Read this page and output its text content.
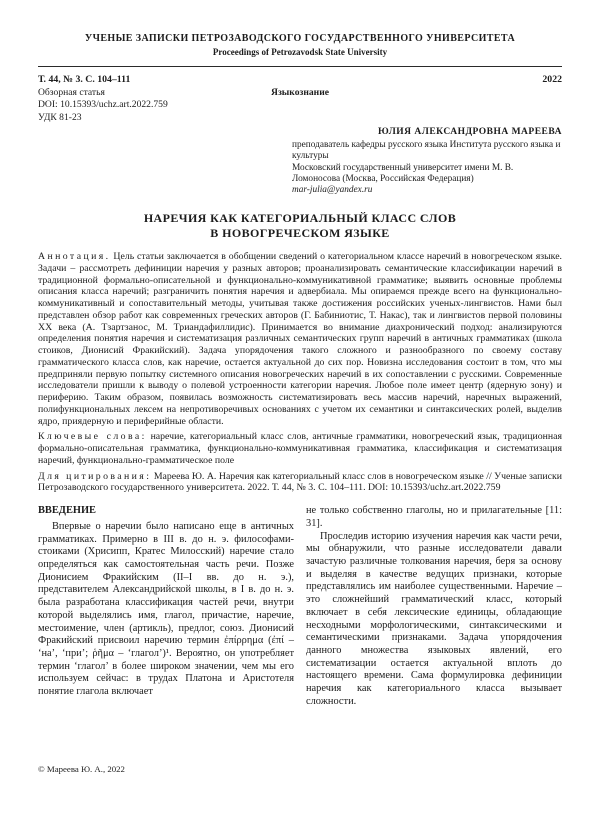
УЧЕНЫЕ ЗАПИСКИ ПЕТРОЗАВОДСКОГО ГОСУДАРСТВЕННОГО УНИВЕРСИТЕТА
Proceedings of Petrozavodsk State University
Т. 44, № 3. С. 104–111	2022
Обзорная статья	Языкознание
DOI: 10.15393/uchz.art.2022.759
УДК 81-23
ЮЛИЯ АЛЕКСАНДРОВНА МАРЕЕВА
преподаватель кафедры русского языка Института русского языка и культуры
Московский государственный университет имени М. В. Ломоносова (Москва, Российская Федерация)
mar-julia@yandex.ru
НАРЕЧИЯ КАК КАТЕГОРИАЛЬНЫЙ КЛАСС СЛОВ
В НОВОГРЕЧЕСКОМ ЯЗЫКЕ

Аннотация. Цель статьи заключается в обобщении сведений о категориальном классе наречий в новогреческом языке. Задачи – рассмотреть дефиниции наречия у разных авторов; проанализировать семантические классификации наречий в традиционной формально-описательной и функционально-коммуникативной грамматике; выявить основные проблемы описания класса наречий; разграничить понятия наречия и адвербиала. Мы опираемся прежде всего на функционально-коммуникативный и сопоставительный методы, учитывая также достижения российских ученых-лингвистов. Нами был представлен обзор работ как современных греческих авторов (Г. Бабиниотис, Т. Накас), так и лингвистов первой половины XX века (А. Тзартзанос, М. Триандафиллидис). Принимается во внимание диахронический подход: анализируются определения понятия наречия и систематизация различных семантических групп наречий в античных грамматиках (школа стоиков, Дионисий Фракийский). Задача упорядочения такого сложного и разнообразного по своему составу грамматического класса слов, как наречие, остается актуальной до сих пор. Новизна исследования состоит в том, что мы предприняли первую попытку системного описания новогреческих наречий в их сопоставлении с русскими. Современные исследователи пришли к выводу о полевой устроенности категории наречия. Любое поле имеет центр (ядерную зону) и периферию. Таким образом, появилась возможность систематизировать весь массив наречий, наречных выражений, полифункциональных лексем на непротиворечивых основаниях с учетом их семантики и синтаксических ролей, выделив ядро, приядерную и периферийные области.

Ключевые слова: наречие, категориальный класс слов, античные грамматики, новогреческий язык, традиционная формально-описательная грамматика, функционально-коммуникативная грамматика, классификация и систематизация наречий, функционально-грамматическое поле

Для цитирования: Мареева Ю. А. Наречия как категориальный класс слов в новогреческом языке // Ученые записки Петрозаводского государственного университета. 2022. Т. 44, № 3. С. 104–111. DOI: 10.15393/uchz.art.2022.759

ВВЕДЕНИЕ

Впервые о наречии было написано еще в античных грамматиках. Примерно в III в. до н. э. философами-стоиками (Хрисипп, Кратес Милосский) наречие стало определяться как самостоятельная часть речи. Позже Дионисием Фракийским (II–I вв. до н. э.), представителем Александрийской школы, в I в. до н. э. была разработана классификация частей речи, внутри которой выделялись имя, глагол, причастие, наречие, местоимение, член (артикль), предлог, союз. Дионисий Фракийский присвоил наречию термин ἐπίρρημα (ἐπί – ‘на’, ‘при’; ῥῆμα – ‘глагол’)¹. Вероятно, он употребляет термин ‘глагол’ в более широком значении, чем мы его используем сейчас: в трудах Платона и Аристотеля понятие глагола включает

не только собственно глаголы, но и прилагательные [11: 31].

Проследив историю изучения наречия как части речи, мы обнаружили, что разные исследователи давали зачастую различные толкования наречия, беря за основу и выделяя в качестве ведущих признаки, которые представлялись им наиболее существенными. Наречие – это сложнейший грамматический класс, который включает в себя лексические единицы, обладающие несходными морфологическими, синтаксическими и семантическими признаками. Задача упорядочения данного множества языковых явлений, его систематизации остается актуальной вплоть до настоящего времени. Сама формулировка дефиниции наречия как категориального класса вызывает сложности.

© Мареева Ю. А., 2022
